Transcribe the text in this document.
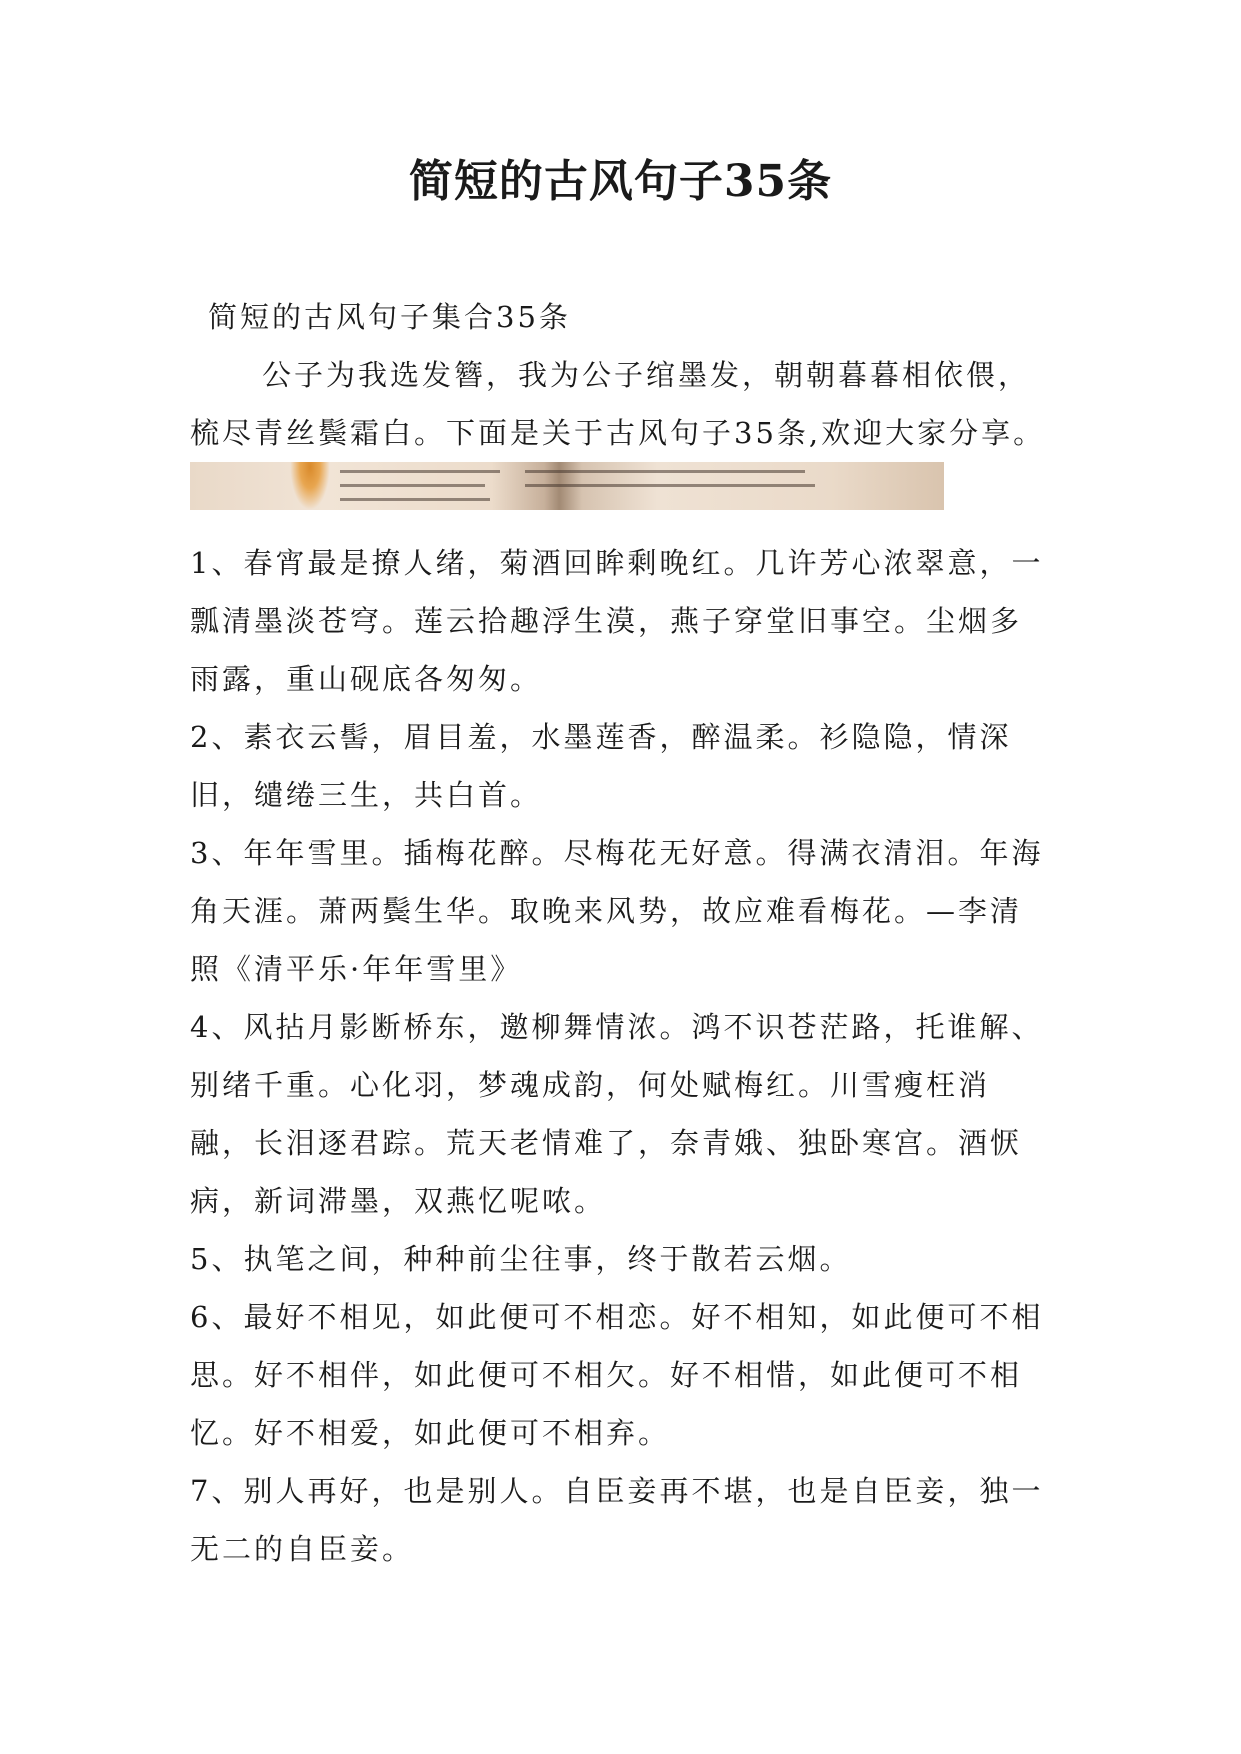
简短的古风句子35条

简短的古风句子集合35条

公子为我选发簪，我为公子绾墨发，朝朝暮暮相依偎，梳尽青丝鬓霜白。下面是关于古风句子35条,欢迎大家分享。

1、春宵最是撩人绪，菊酒回眸剩晚红。几许芳心浓翠意，一瓢清墨淡苍穹。莲云拾趣浮生漠，燕子穿堂旧事空。尘烟多雨露，重山砚底各匆匆。

2、素衣云髻，眉目羞，水墨莲香，醉温柔。衫隐隐，情深旧，缱绻三生，共白首。

3、年年雪里。插梅花醉。尽梅花无好意。得满衣清泪。年海角天涯。萧两鬓生华。取晚来风势，故应难看梅花。—李清照《清平乐·年年雪里》

4、风拈月影断桥东，邀柳舞情浓。鸿不识苍茫路，托谁解、别绪千重。心化羽，梦魂成韵，何处赋梅红。川雪瘦枉消融，长泪逐君踪。荒天老情难了，奈青娥、独卧寒宫。酒恹病，新词滞墨，双燕忆呢哝。

5、执笔之间，种种前尘往事，终于散若云烟。

6、最好不相见，如此便可不相恋。好不相知，如此便可不相思。好不相伴，如此便可不相欠。好不相惜，如此便可不相忆。好不相爱，如此便可不相弃。

7、别人再好，也是别人。自臣妾再不堪，也是自臣妾，独一无二的自臣妾。
